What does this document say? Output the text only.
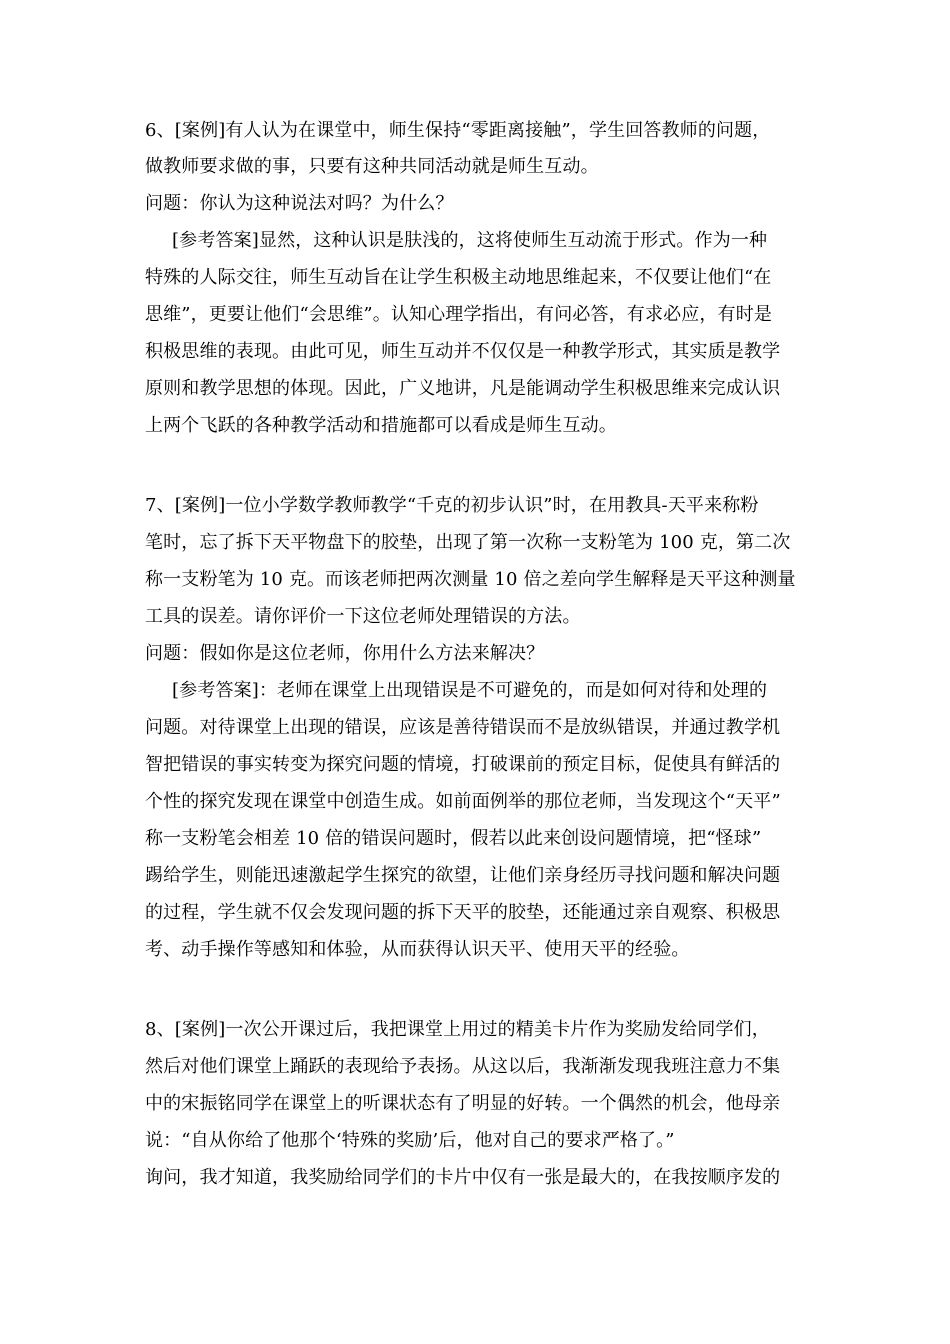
6、[案例]有人认为在课堂中，师生保持“零距离接触”，学生回答教师的问题，
做教师要求做的事，只要有这种共同活动就是师生互动。
问题：你认为这种说法对吗？为什么？
[参考答案]显然，这种认识是肤浅的，这将使师生互动流于形式。作为一种
特殊的人际交往，师生互动旨在让学生积极主动地思维起来，不仅要让他们“在
思维”，更要让他们“会思维”。认知心理学指出，有问必答，有求必应，有时是
积极思维的表现。由此可见，师生互动并不仅仅是一种教学形式，其实质是教学
原则和教学思想的体现。因此，广义地讲，凡是能调动学生积极思维来完成认识
上两个飞跃的各种教学活动和措施都可以看成是师生互动。
7、[案例]一位小学数学教师教学“千克的初步认识”时，在用教具-天平来称粉
笔时，忘了拆下天平物盘下的胶垫，出现了第一次称一支粉笔为 100 克，第二次
称一支粉笔为 10 克。而该老师把两次测量 10 倍之差向学生解释是天平这种测量
工具的误差。请你评价一下这位老师处理错误的方法。
问题：假如你是这位老师，你用什么方法来解决？
[参考答案]：老师在课堂上出现错误是不可避免的，而是如何对待和处理的
问题。对待课堂上出现的错误，应该是善待错误而不是放纵错误，并通过教学机
智把错误的事实转变为探究问题的情境，打破课前的预定目标，促使具有鲜活的
个性的探究发现在课堂中创造生成。如前面例举的那位老师，当发现这个“天平”
称一支粉笔会相差 10 倍的错误问题时，假若以此来创设问题情境，把“怪球”
踢给学生，则能迅速激起学生探究的欲望，让他们亲身经历寻找问题和解决问题
的过程，学生就不仅会发现问题的拆下天平的胶垫，还能通过亲自观察、积极思
考、动手操作等感知和体验，从而获得认识天平、使用天平的经验。
8、[案例]一次公开课过后，我把课堂上用过的精美卡片作为奖励发给同学们，
然后对他们课堂上踊跃的表现给予表扬。从这以后，我渐渐发现我班注意力不集
中的宋振铭同学在课堂上的听课状态有了明显的好转。一个偶然的机会，他母亲
说：“自从你给了他那个‘特殊的奖励’后，他对自己的要求严格了。”
询问，我才知道，我奖励给同学们的卡片中仅有一张是最大的，在我按顺序发的
